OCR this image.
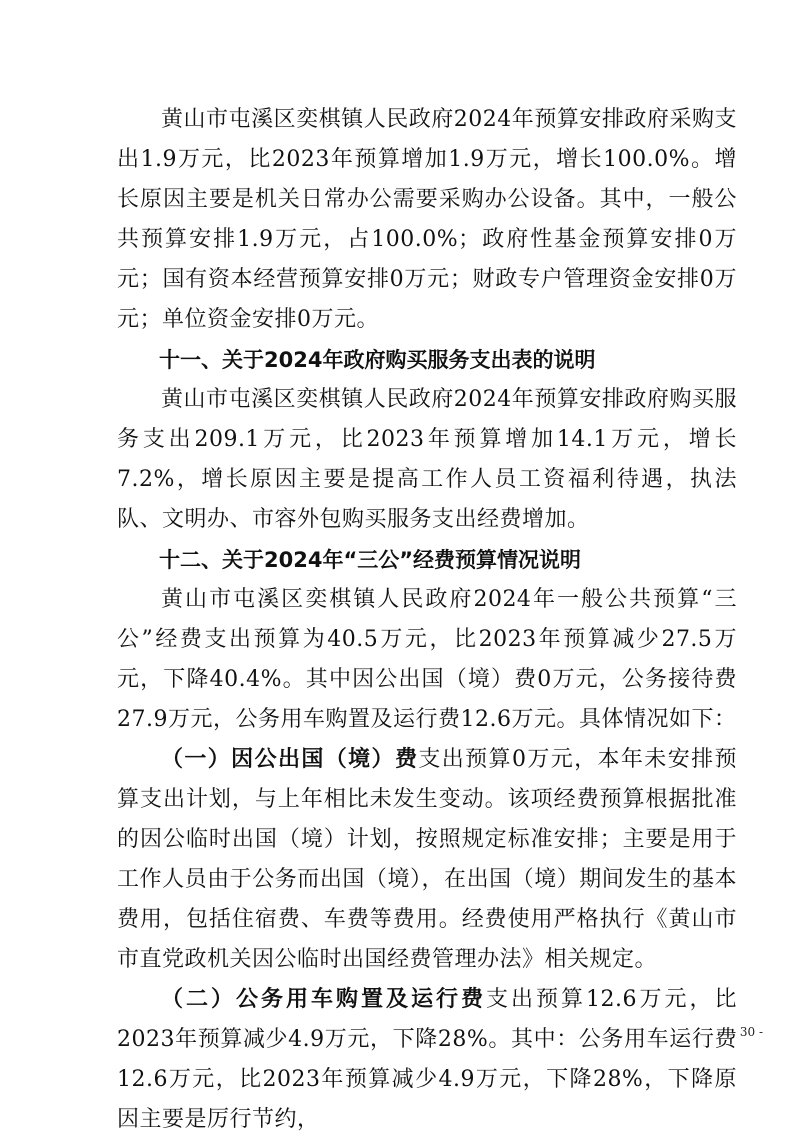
黄山市屯溪区奕棋镇人民政府2024年预算安排政府采购支出1.9万元，比2023年预算增加1.9万元，增长100.0%。增长原因主要是机关日常办公需要采购办公设备。其中，一般公共预算安排1.9万元，占100.0%；政府性基金预算安排0万元；国有资本经营预算安排0万元；财政专户管理资金安排0万元；单位资金安排0万元。

十一、关于2024年政府购买服务支出表的说明

黄山市屯溪区奕棋镇人民政府2024年预算安排政府购买服务支出209.1万元，比2023年预算增加14.1万元，增长7.2%，增长原因主要是提高工作人员工资福利待遇，执法队、文明办、市容外包购买服务支出经费增加。

十二、关于2024年“三公”经费预算情况说明

黄山市屯溪区奕棋镇人民政府2024年一般公共预算“三公”经费支出预算为40.5万元，比2023年预算减少27.5万元，下降40.4%。其中因公出国（境）费0万元，公务接待费27.9万元，公务用车购置及运行费12.6万元。具体情况如下：

（一）因公出国（境）费支出预算0万元，本年未安排预算支出计划，与上年相比未发生变动。该项经费预算根据批准的因公临时出国（境）计划，按照规定标准安排；主要是用于工作人员由于公务而出国（境），在出国（境）期间发生的基本费用，包括住宿费、车费等费用。经费使用严格执行《黄山市市直党政机关因公临时出国经费管理办法》相关规定。

（二）公务用车购置及运行费支出预算12.6万元，比2023年预算减少4.9万元，下降28%。其中：公务用车运行费12.6万元，比2023年预算减少4.9万元，下降28%，下降原因主要是厉行节约，

- 30 -
